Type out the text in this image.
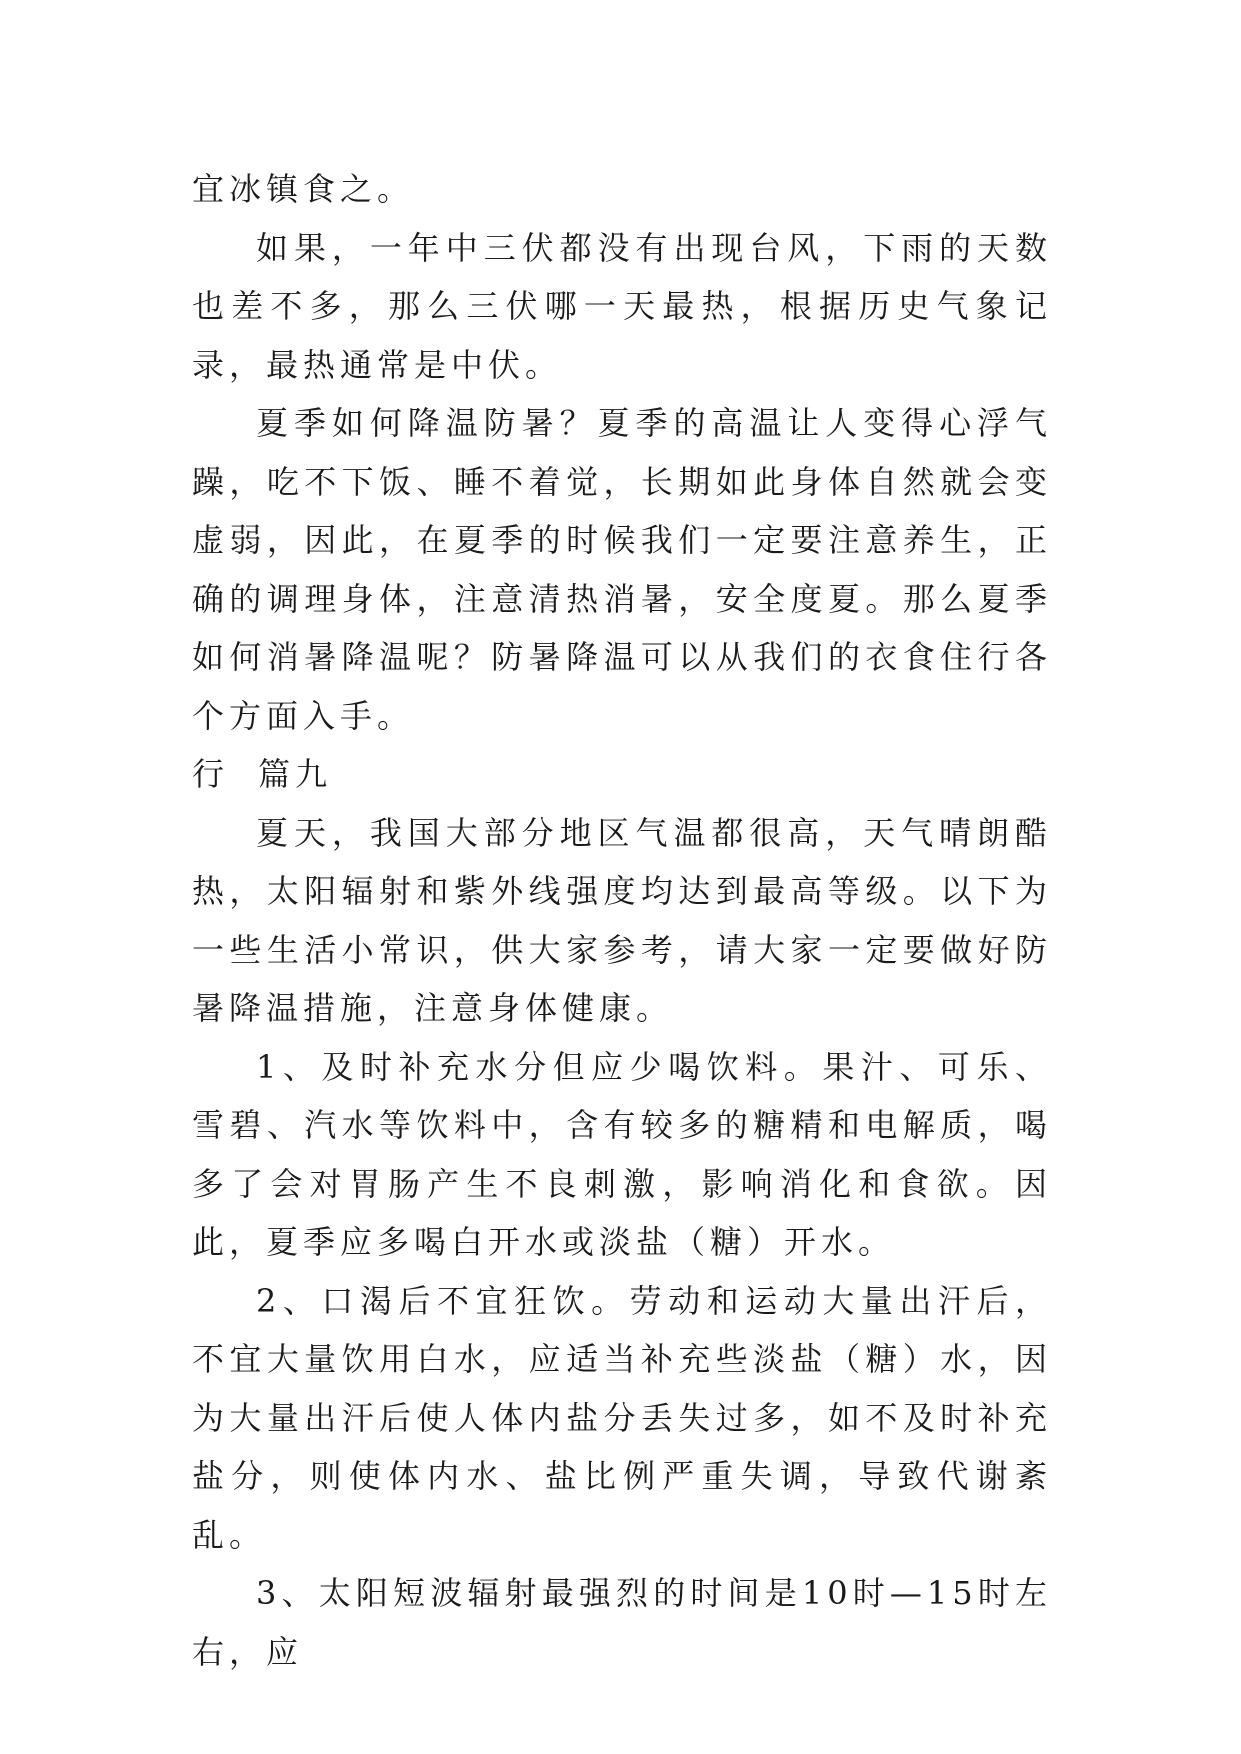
宜冰镇食之。

如果，一年中三伏都没有出现台风，下雨的天数也差不多，那么三伏哪一天最热，根据历史气象记录，最热通常是中伏。

夏季如何降温防暑？夏季的高温让人变得心浮气躁，吃不下饭、睡不着觉，长期如此身体自然就会变虚弱，因此，在夏季的时候我们一定要注意养生，正确的调理身体，注意清热消暑，安全度夏。那么夏季如何消暑降温呢？防暑降温可以从我们的衣食住行各个方面入手。

行 篇九

夏天，我国大部分地区气温都很高，天气晴朗酷热，太阳辐射和紫外线强度均达到最高等级。以下为一些生活小常识，供大家参考，请大家一定要做好防暑降温措施，注意身体健康。

1、及时补充水分但应少喝饮料。果汁、可乐、雪碧、汽水等饮料中，含有较多的糖精和电解质，喝多了会对胃肠产生不良刺激，影响消化和食欲。因此，夏季应多喝白开水或淡盐（糖）开水。

2、口渴后不宜狂饮。劳动和运动大量出汗后，不宜大量饮用白水，应适当补充些淡盐（糖）水，因为大量出汗后使人体内盐分丢失过多，如不及时补充盐分，则使体内水、盐比例严重失调，导致代谢紊乱。

3、太阳短波辐射最强烈的时间是10时—15时左右，应
